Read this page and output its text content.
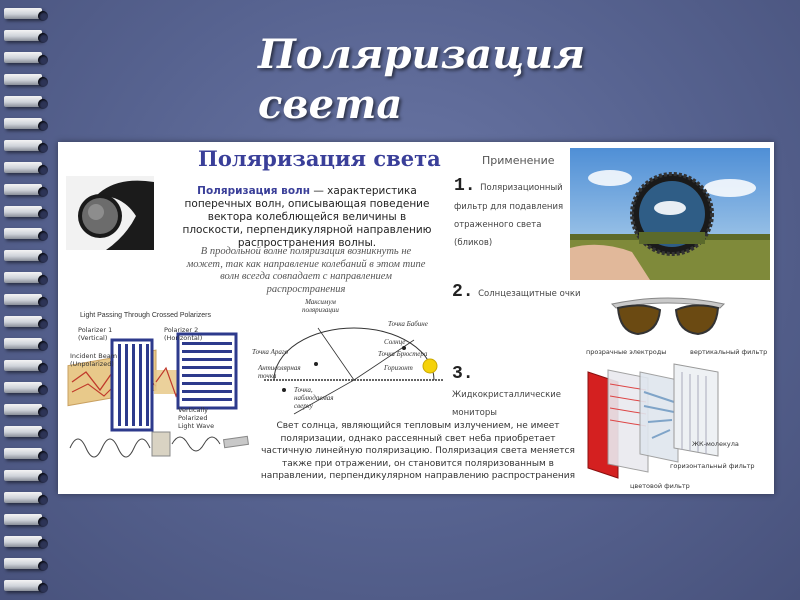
Поляризация
света
Поляризация света
Поляризация волн — характеристика поперечных волн, описывающая поведение вектора колеблющейся величины в плоскости, перпендикулярной направлению распространения волны.
В продольной волне поляризация возникнуть не может, так как направление колебаний в этом типе волн всегда совпадает с направлением распространения
Light Passing Through Crossed Polarizers
Polarizer 1
(Vertical)
Polarizer 2
(Horizontal)
Incident Beam
(Unpolarized)
Vertically
Polarized
Light Wave
Максимум
поляризации
Точка Бабине
Солнце
Точка Араго	Точка Брюстера
Антисолярная
точка
Горизонт
Точка,
наблюдаемая
сверху
Свет солнца, являющийся тепловым излучением, не имеет поляризации, однако рассеянный свет неба приобретает частичную линейную поляризацию. Поляризация света меняется также при отражении, он становится поляризованным в направлении, перпендикулярном направлению распространения
Применение
1. Поляризационный фильтр для подавления отраженного света (бликов)
2. Солнцезащитные очки
3. Жидкокристаллические мониторы
прозрачные электроды	вертикальный фильтр
ЖК-молекула
горизонтальный фильтр
цветовой фильтр
